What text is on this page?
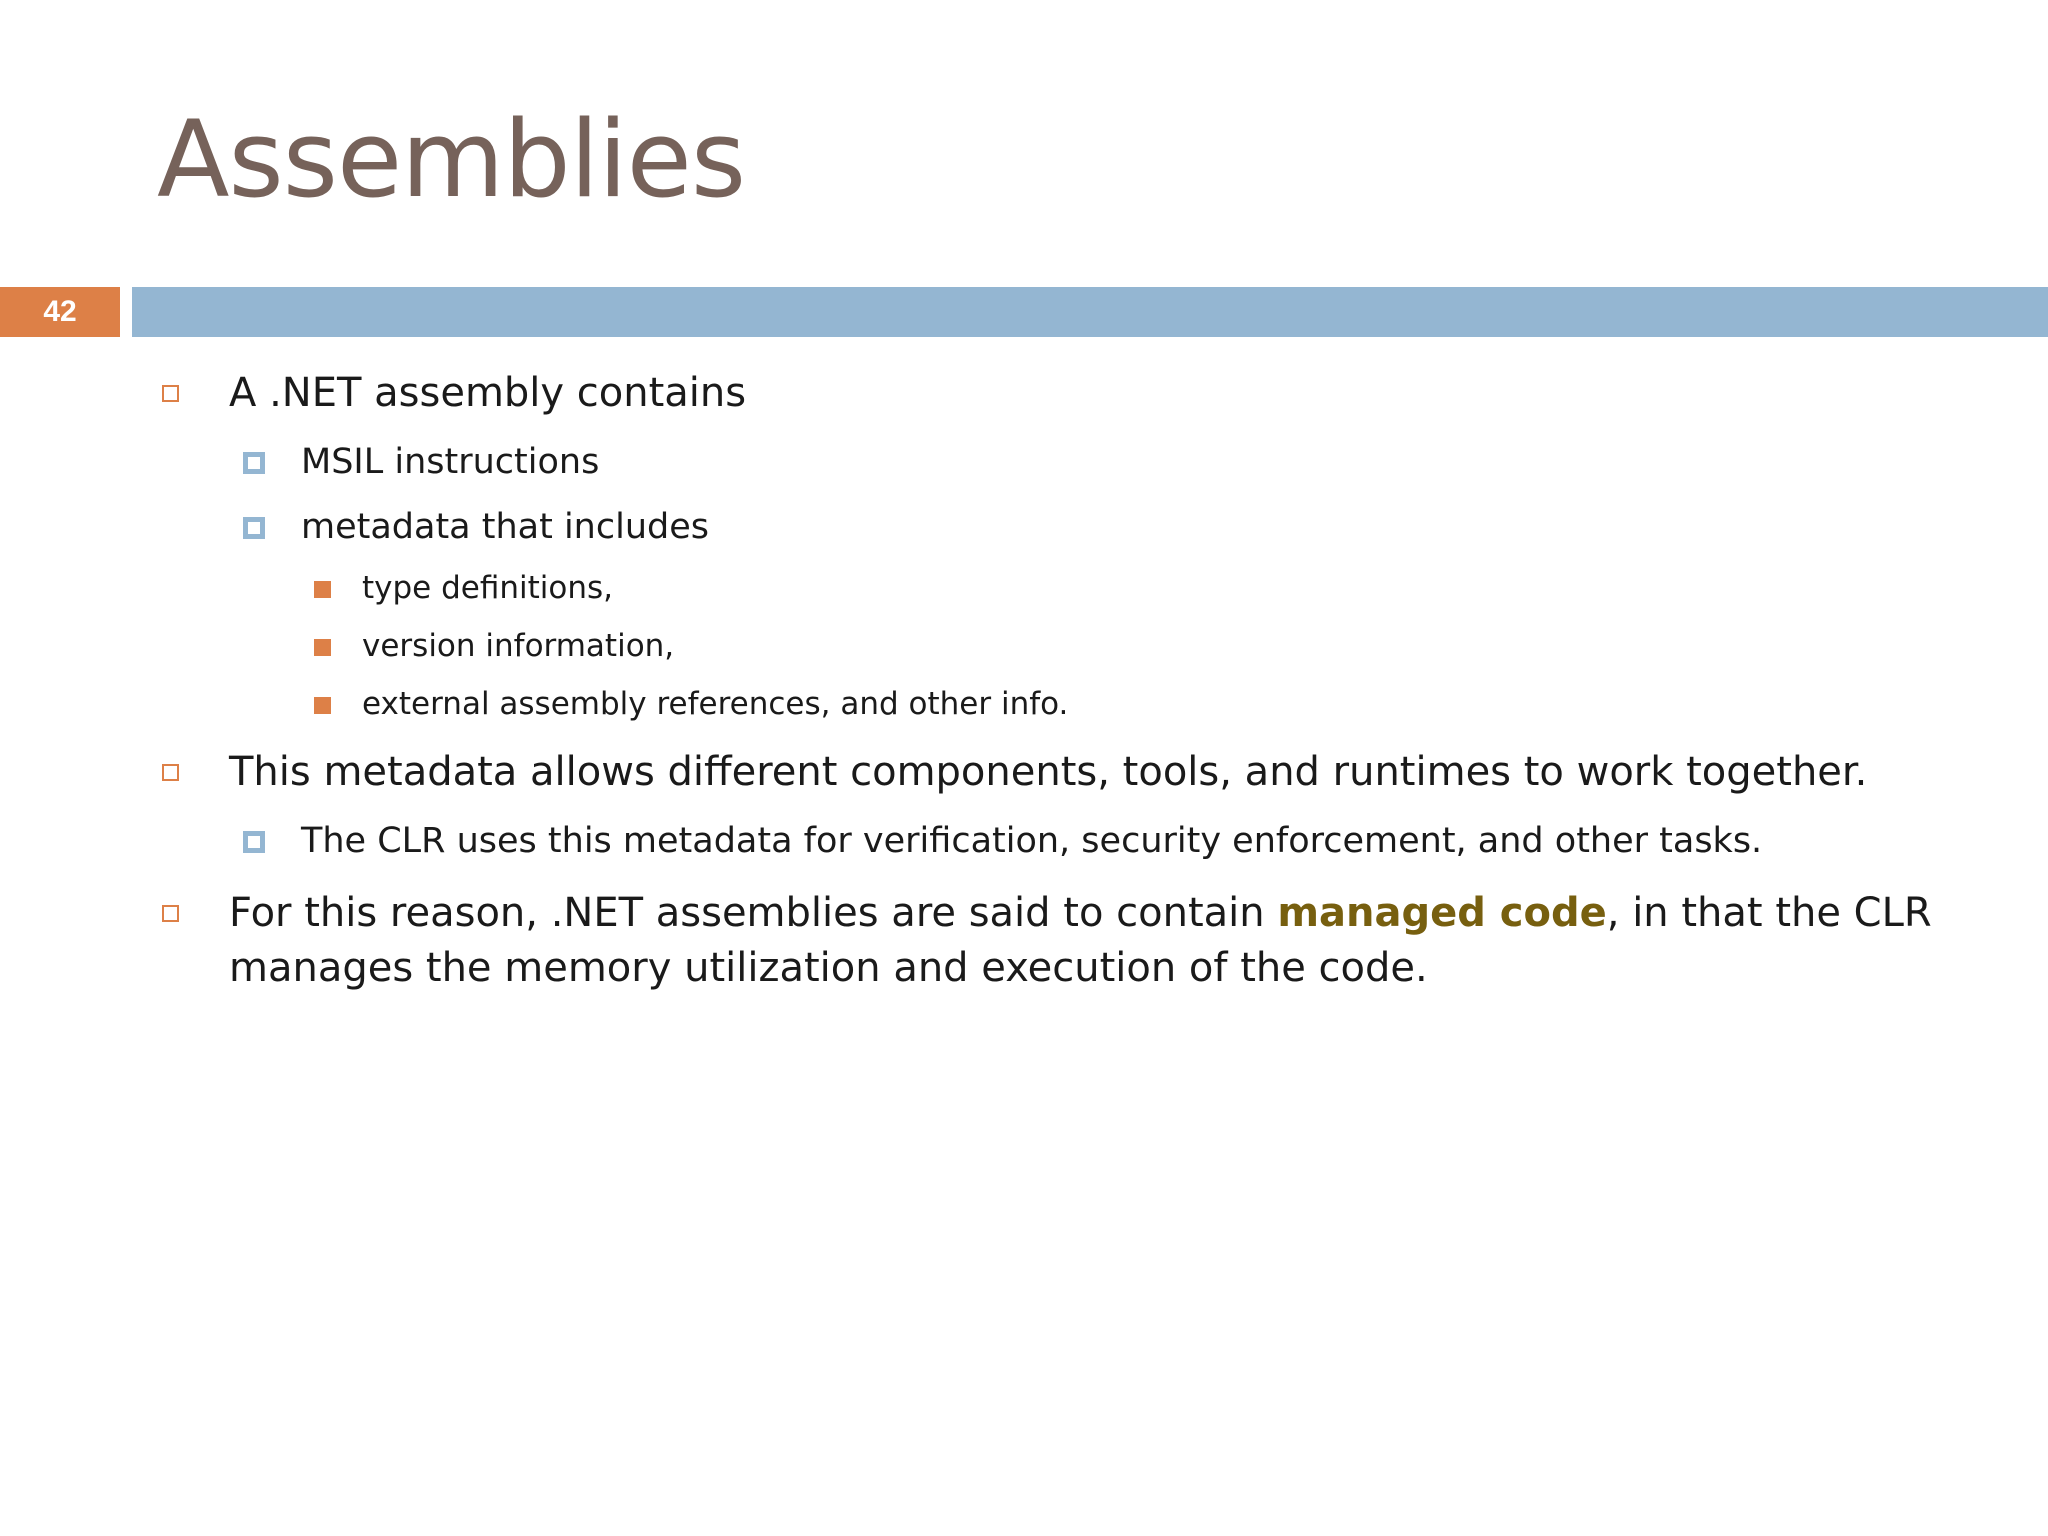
Assemblies
42
A .NET assembly contains
MSIL instructions
metadata that includes
type definitions,
version information,
external assembly references, and other info.
This metadata allows different components, tools, and runtimes to work together.
The CLR uses this metadata for verification, security enforcement, and other tasks.
For this reason, .NET assemblies are said to contain managed code, in that the CLR
manages the memory utilization and execution of the code.
